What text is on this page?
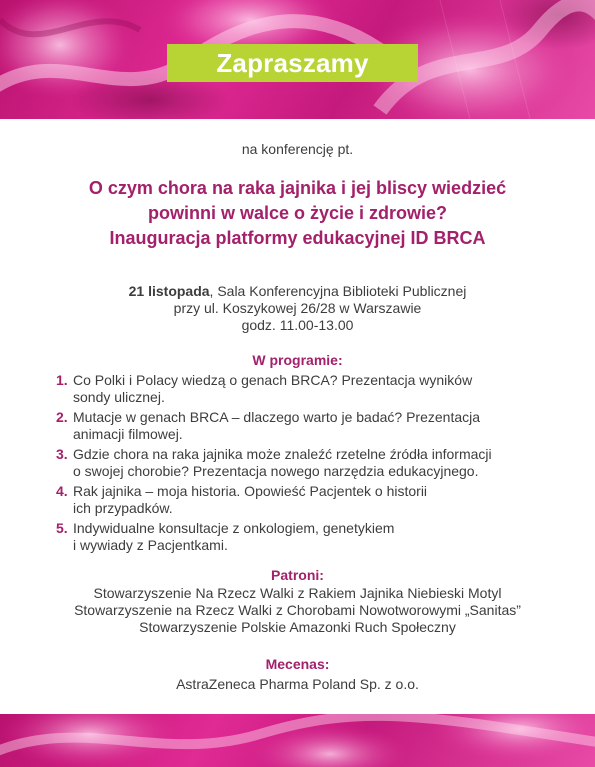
Zapraszamy
na konferencję pt.
O czym chora na raka jajnika i jej bliscy wiedzieć
powinni w walce o życie i zdrowie?
Inauguracja platformy edukacyjnej ID BRCA
21 listopada, Sala Konferencyjna Biblioteki Publicznej
przy ul. Koszykowej 26/28 w Warszawie
godz. 11.00-13.00
W programie:
1. Co Polki i Polacy wiedzą o genach BRCA? Prezentacja wyników
sondy ulicznej.
2. Mutacje w genach BRCA – dlaczego warto je badać? Prezentacja
animacji filmowej.
3. Gdzie chora na raka jajnika może znaleźć rzetelne źródła informacji
o swojej chorobie? Prezentacja nowego narzędzia edukacyjnego.
4. Rak jajnika – moja historia. Opowieść Pacjentek o historii
ich przypadków.
5. Indywidualne konsultacje z onkologiem, genetykiem
i wywiady z Pacjentkami.
Patroni:
Stowarzyszenie Na Rzecz Walki z Rakiem Jajnika Niebieski Motyl
Stowarzyszenie na Rzecz Walki z Chorobami Nowotworowymi „Sanitas”
Stowarzyszenie Polskie Amazonki Ruch Społeczny
Mecenas:
AstraZeneca Pharma Poland Sp. z o.o.
